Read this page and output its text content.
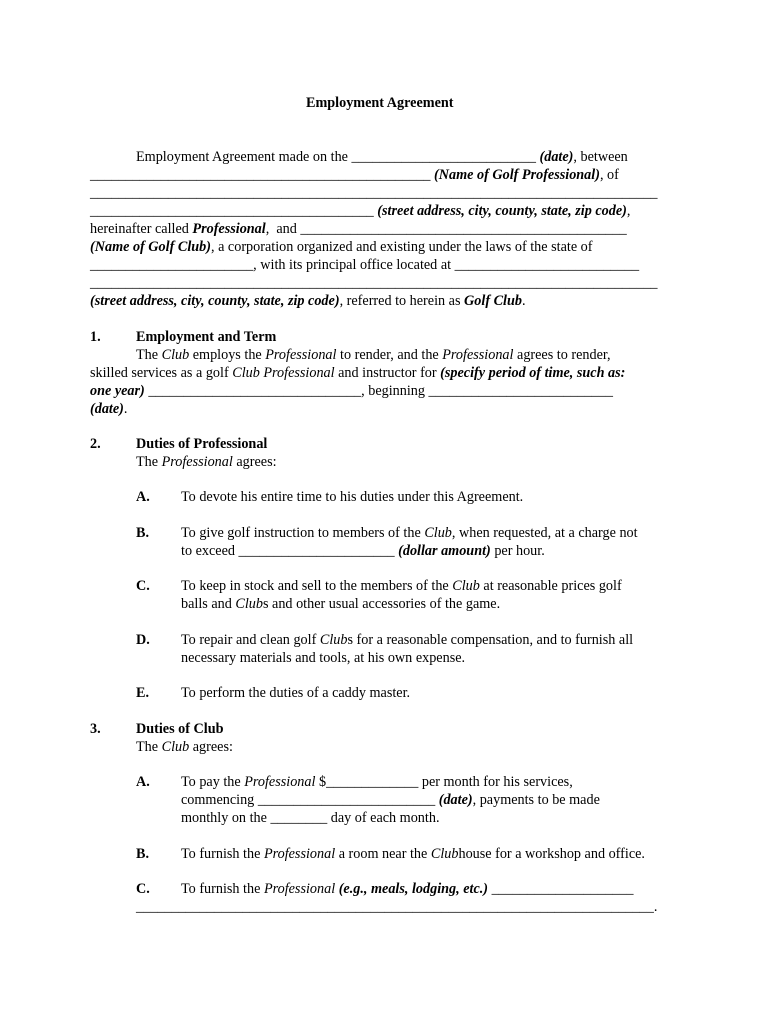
Employment Agreement
Employment Agreement made on the __________________________ (date), between
________________________________________________ (Name of Golf Professional), of
________________________________________________________________________________
________________________________________ (street address, city, county, state, zip code),
hereinafter called Professional,  and ______________________________________________
(Name of Golf Club), a corporation organized and existing under the laws of the state of
_______________________, with its principal office located at __________________________
________________________________________________________________________________
(street address, city, county, state, zip code), referred to herein as Golf Club.
1. Employment and Term
The Club employs the Professional to render, and the Professional agrees to render,
skilled services as a golf Club Professional and instructor for (specify period of time, such as:
one year) ______________________________, beginning __________________________
(date).
2. Duties of Professional
The Professional agrees:
A. To devote his entire time to his duties under this Agreement.
B. To give golf instruction to members of the Club, when requested, at a charge not
to exceed ______________________ (dollar amount) per hour.
C. To keep in stock and sell to the members of the Club at reasonable prices golf
balls and Clubs and other usual accessories of the game.
D. To repair and clean golf Clubs for a reasonable compensation, and to furnish all
necessary materials and tools, at his own expense.
E. To perform the duties of a caddy master.
3. Duties of Club
The Club agrees:
A. To pay the Professional $_____________ per month for his services,
commencing _________________________ (date), payments to be made
monthly on the ________ day of each month.
B. To furnish the Professional a room near the Clubhouse for a workshop and office.
C. To furnish the Professional (e.g., meals, lodging, etc.) ____________________
_________________________________________________________________________.
